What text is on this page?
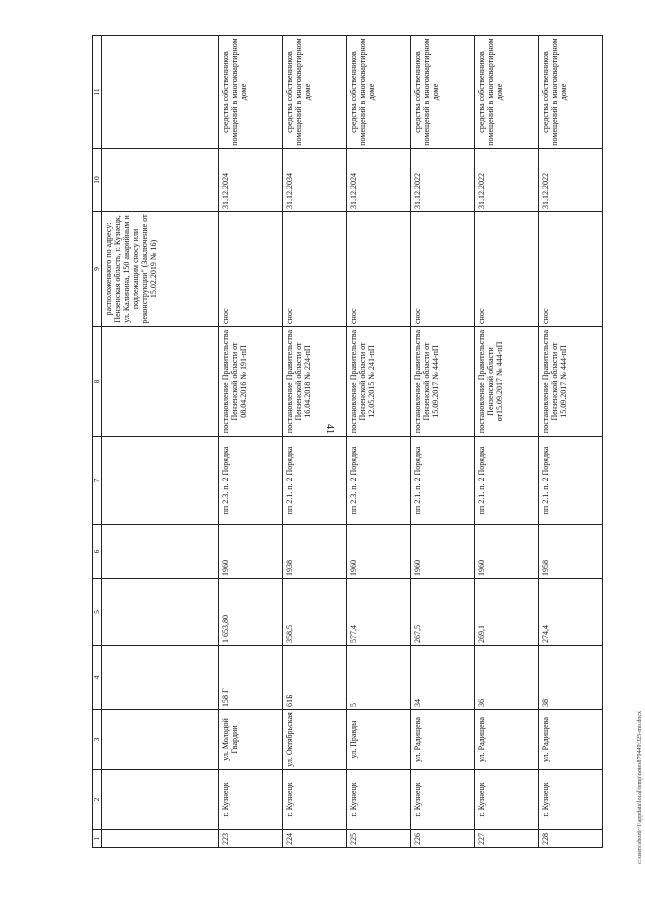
41
c:\users\sborti~1\appdata\local\temp\notes879449\325-mo.docx
1	2	3	4	5	6	7	8	9	10	11
								расположенного по адресу: Пензенская область, г. Кузнецк, ул. Калинина, 150 аварийным и подлежащим сносу или реконструкции" (Заключение от 15.02.2019 № 16)		
223	г. Кузнецк	ул. Молодой Гвардии	158 Г	1 653,80	1960	пп 2.3. п. 2 Порядка	постановление Правительства Пензенской области от 08.04.2016 № 191-пП	снос	31.12.2024	средства собственников помещений в многоквартирном доме
224	г. Кузнецк	ул. Октябрьская	61Б	358,5	1938	пп 2.1. п. 2 Порядка	постановление Правительства Пензенской области от 16.04.2018 № 224-пП	снос	31.12.2034	средства собственников помещений в многоквартирном доме
225	г. Кузнецк	ул. Правды	5	577,4	1960	пп 2.3. п. 2 Порядка	постановление Правительства Пензенской области от 12.05.2015 № 241-пП	снос	31.12.2024	средства собственников помещений в многоквартирном доме
226	г. Кузнецк	ул. Радищева	34	267,5	1960	пп 2.1. п. 2 Порядка	постановление Правительства Пензенской области от 15.09.2017 № 444-пП	снос	31.12.2022	средства собственников помещений в многоквартирном доме
227	г. Кузнецк	ул. Радищева	36	269,1	1960	пп 2.1. п. 2 Порядка	постановление Правительства Пензенской области от15.09.2017 № 444-пП	снос	31.12.2022	средства собственников помещений в многоквартирном доме
228	г. Кузнецк	ул. Радищева	38	274,4	1958	пп 2.1. п. 2 Порядка	постановление Правительства Пензенской области от 15.09.2017 № 444-пП	снос	31.12.2022	средства собственников помещений в многоквартирном доме
